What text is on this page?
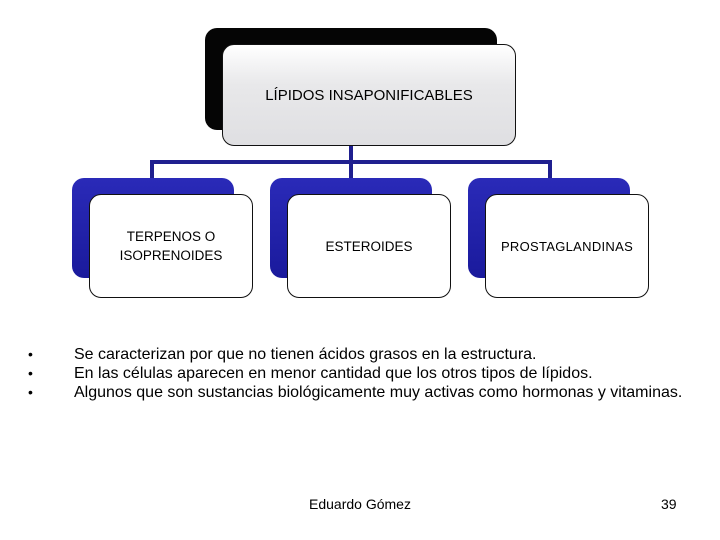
LÍPIDOS INSAPONIFICABLES
TERPENOS O ISOPRENOIDES
ESTEROIDES	PROSTAGLANDINAS
•	Se caracterizan por que no tienen ácidos grasos en la estructura.
•	En las células aparecen en menor cantidad que los otros tipos de lípidos.
•	Algunos que son sustancias biológicamente muy activas como hormonas y vitaminas.
Eduardo Gómez	39
